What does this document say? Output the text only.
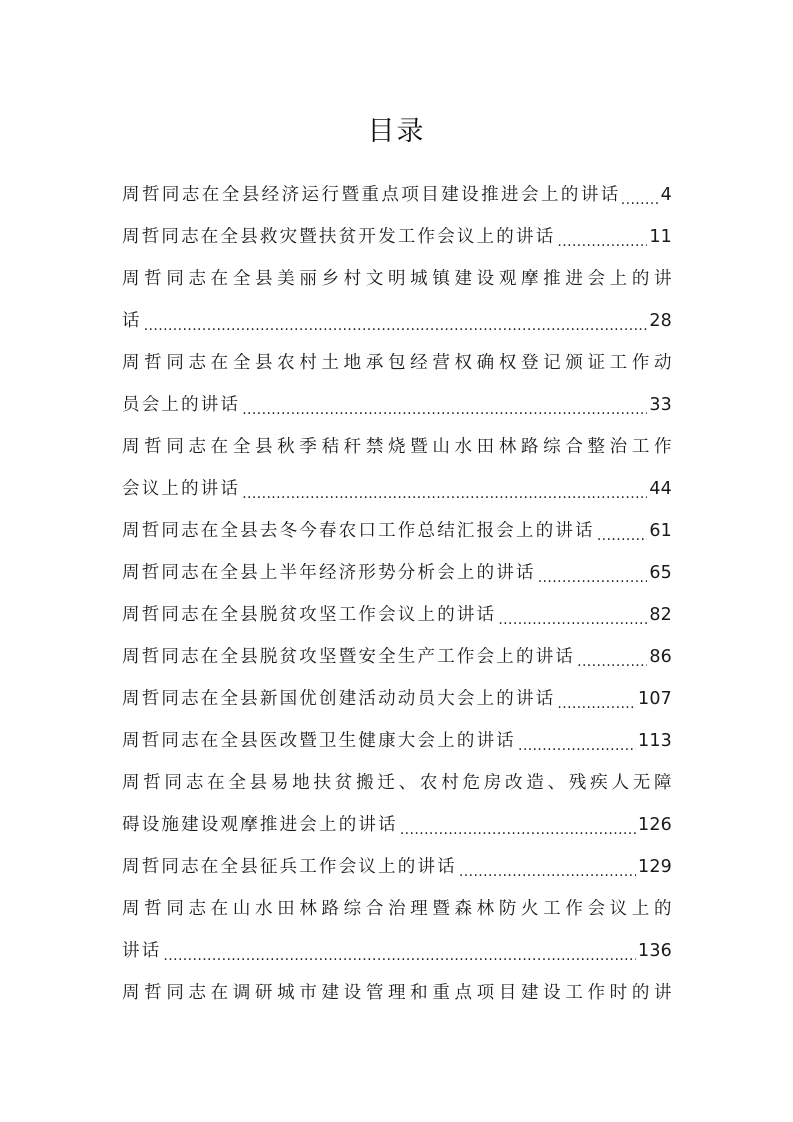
目录
周哲同志在全县经济运行暨重点项目建设推进会上的讲话 ..... 4
周哲同志在全县救灾暨扶贫开发工作会议上的讲话 .....	11
周哲同志在全县美丽乡村文明城镇建设观摩推进会上的讲
话 .....	28
周哲同志在全县农村土地承包经营权确权登记颁证工作动
员会上的讲话 .....	33
周哲同志在全县秋季秸秆禁烧暨山水田林路综合整治工作
会议上的讲话 .....	44
周哲同志在全县去冬今春农口工作总结汇报会上的讲话 .....	61
周哲同志在全县上半年经济形势分析会上的讲话 .....	65
周哲同志在全县脱贫攻坚工作会议上的讲话 .....	82
周哲同志在全县脱贫攻坚暨安全生产工作会上的讲话 .....	86
周哲同志在全县新国优创建活动动员大会上的讲话 .....	107
周哲同志在全县医改暨卫生健康大会上的讲话 .....	113
周哲同志在全县易地扶贫搬迁、农村危房改造、残疾人无障
碍设施建设观摩推进会上的讲话 .....	126
周哲同志在全县征兵工作会议上的讲话 .....	129
周哲同志在山水田林路综合治理暨森林防火工作会议上的
讲话 .....	136
周哲同志在调研城市建设管理和重点项目建设工作时的讲
